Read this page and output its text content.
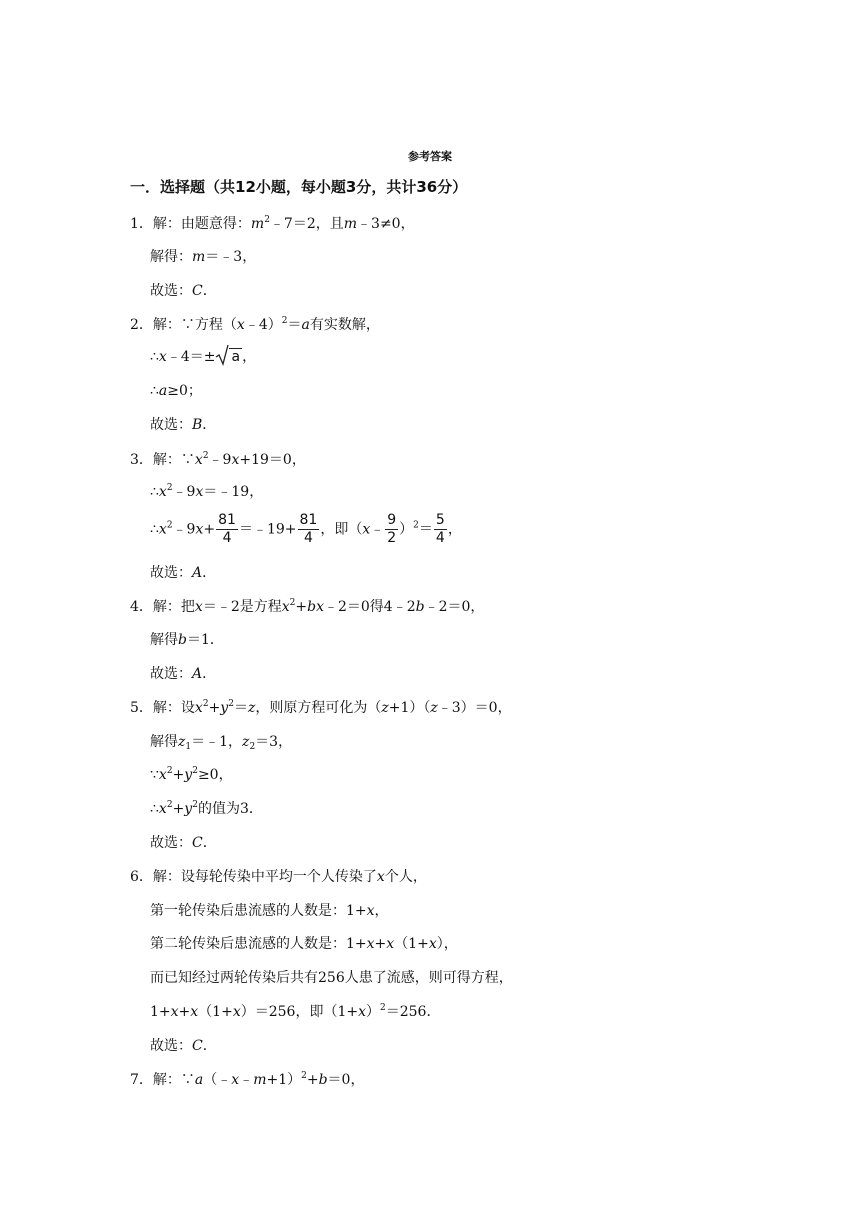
参考答案
一．选择题（共12小题，每小题3分，共计36分）
1．解：由题意得：$m^2﹣7=2$，且m﹣3≠0，
解得：m＝﹣3，
故选：C．
2．解：∵方程（x﹣4）$^2$＝a有实数解，
∴x﹣4＝± a ，
∴a≥0；
故选：B．
3．解：$\because x^2﹣9x+19=0$，
$\therefore x^2﹣9x=﹣19$，
$\therefore x^2﹣9x+ \frac{81}{4}$ ＝﹣19+ $\frac{81}{4}$ ，即（x﹣ $\frac{9}{2} )^2= \frac{5}{4}$ ，
故选：A．
4．解：把x＝﹣2是方程$x^2+bx﹣2=0$得4﹣2b﹣2＝0，
解得b＝1．
故选：A．
5．解：设$x^2+y^2=z$，则原方程可化为（z+1）（z﹣3）＝0，
解得$z_1=﹣1$，$z_2=3$，
$\because x^2+y^2\ge 0$，
$\therefore x^2+y^2$的值为3．
故选：C．
6．解：设每轮传染中平均一个人传染了x个人，
第一轮传染后患流感的人数是：1+x，
第二轮传染后患流感的人数是：1+x+x（1+x），
而已知经过两轮传染后共有256人患了流感，则可得方程，
1+x+x（1+x）＝256，即$(1+x)^2=256$．
故选：C．
7．解：∵a（﹣x﹣m+1）$^2$+b＝0，
